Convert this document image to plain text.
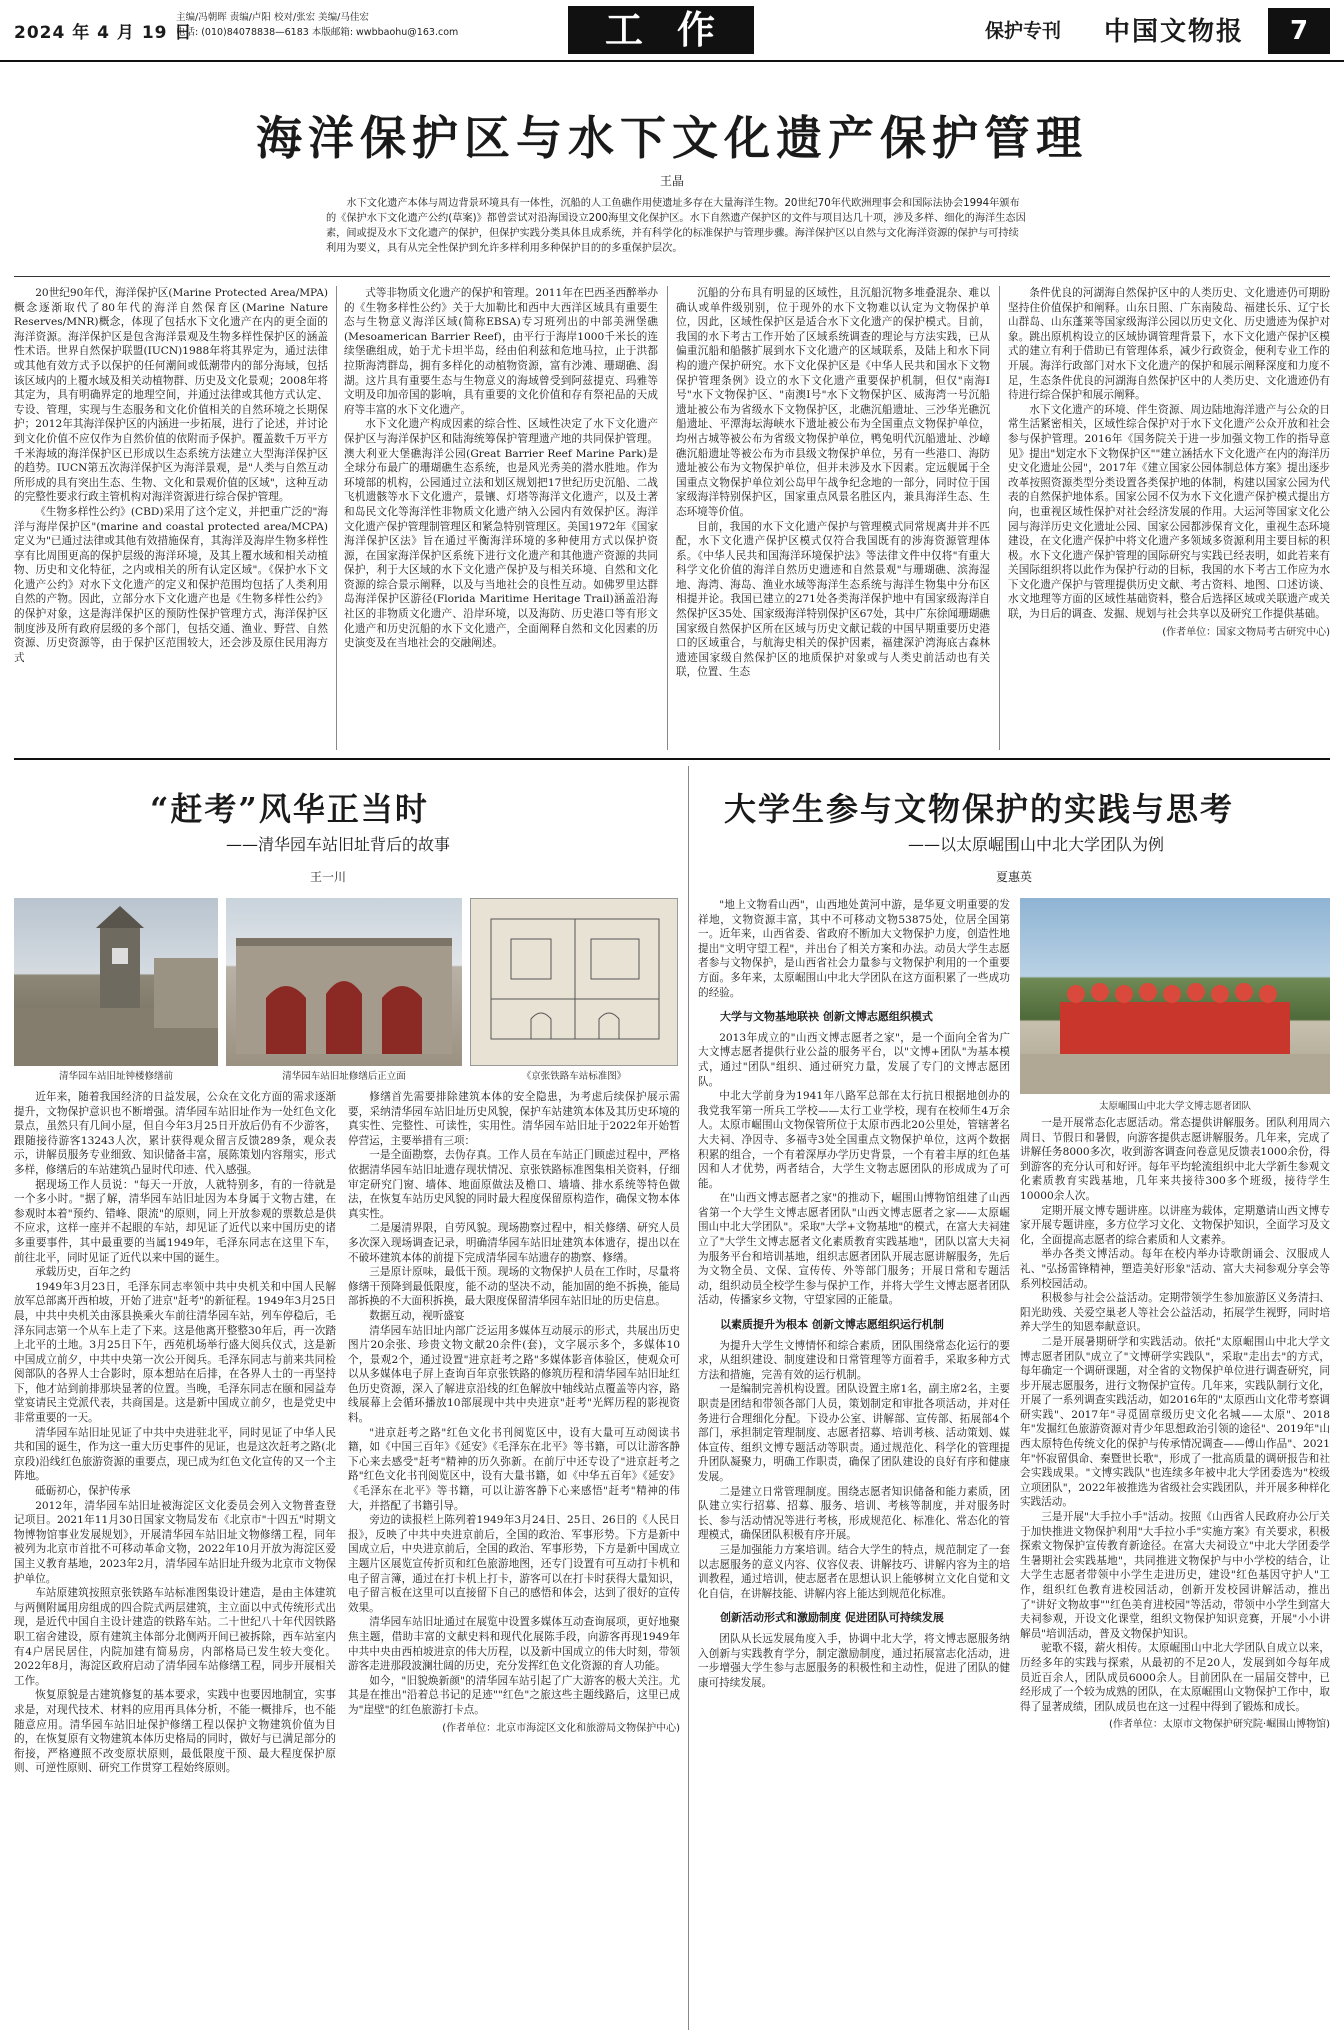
2024 年 4 月 19 日
主编/冯朝晖 责编/卢阳 校对/张宏 美编/马佳宏
电话: (010)84078838—6183 本版邮箱: wwbbaohu@163.com	工作	保护专刊 中国文物报	7
海洋保护区与水下文化遗产保护管理
王晶
水下文化遗产本体与周边背景环境具有一体性，沉船的人工鱼礁作用使遗址多存在大量海洋生物。20世纪70年代欧洲理事会和国际法协会1994年颁布的《保护水下文化遗产公约(草案)》都曾尝试对沿海国设立200海里文化保护区。水下自然遗产保护区的文件与项目达几十项，涉及多样、细化的海洋生态因素，间或提及水下文化遗产的保护，但保护实践分类具体且成系统，并有科学化的标准保护与管理步骤。海洋保护区以自然与文化海洋资源的保护与可持续利用为要义，具有从完全性保护到允许多样利用多种保护目的的多重保护层次。

20世纪90年代，海洋保护区(Marine Protected Area/MPA)概念逐渐取代了80年代的海洋自然保育区(Marine Nature Reserves/MNR)概念，体现了包括水下文化遗产在内的更全面的海洋资源。海洋保护区是包含海洋景观及生物多样性保护区的涵盖性术语。世界自然保护联盟(IUCN)1988年将其界定为，通过法律或其他有效方式予以保护的任何潮间或低潮带内的部分海域，包括该区域内的上覆水域及相关动植物群、历史及文化景观；2008年将其定为，具有明确界定的地理空间，并通过法律或其他方式认定、专设、管理，实现与生态服务和文化价值相关的自然环境之长期保护；2012年其海洋保护区的内涵进一步拓展，进行了论述，并讨论到文化价值不应仅作为自然价值的依附而予保护。覆盖数千万平方千米海域的海洋保护区已形成以生态系统方法建立大型海洋保护区的趋势。IUCN第五次海洋保护区为海洋景观，是"人类与自然互动所形成的具有突出生态、生物、文化和景观价值的区域"，这种互动的完整性要求行政主管机构对海洋资源进行综合保护管理。

《生物多样性公约》(CBD)采用了这个定义，并把重广泛的"海洋与海岸保护区"(marine and coastal protected area/MCPA)定义为"已通过法律或其他有效措施保育，其海洋及海岸生物多样性享有比周围更高的保护层级的海洋环境，及其上覆水域和相关动植物、历史和文化特征，之内或相关的所有认定区域"。《保护水下文化遗产公约》对水下文化遗产的定义和保护范围均包括了人类利用自然的产物。因此，立部分水下文化遗产也是《生物多样性公约》的保护对象，这是海洋保护区的预防性保护管理方式，海洋保护区制度涉及所有政府层级的多个部门，包括交通、渔业、野营、自然资源、历史资源等，由于保护区范围较大，还会涉及原住民用海方式

式等非物质文化遗产的保护和管理。2011年在巴西圣西醉举办的《生物多样性公约》关于大加勒比和西中大西洋区域具有重要生态与生物意义海洋区域(简称EBSA)专习班列出的中部美洲堡礁(Mesoamerican Barrier Reef)，由平行于海岸1000千米长的连续堡礁组成，始于尤卡坦半岛，经由伯利兹和危地马拉，止于洪都拉斯海湾群岛，拥有多样化的动植物资源，富有沙滩、珊瑚礁、潟湖。这片具有重要生态与生物意义的海域曾受到阿兹提克、玛雅等文明及印加帝国的影响，具有重要的文化价值和存有祭祀品的天成府等丰富的水下文化遗产。

水下文化遗产构成因素的综合性、区域性决定了水下文化遗产保护区与海洋保护区和陆海统筹保护管理遗产地的共同保护管理。澳大利亚大堡礁海洋公园(Great Barrier Reef Marine Park)是全球分布最广的珊瑚礁生态系统，也是风光秀美的潜水胜地。作为环境部的机构，公园通过立法和划区规划把17世纪历史沉船、二战飞机遗骸等水下文化遗产，景镶、灯塔等海洋文化遗产，以及土著和岛民文化等海洋性非物质文化遗产纳入公园内有效保护区。海洋文化遗产保护管理制管理区和紧急特别管理区。美国1972年《国家海洋保护区法》旨在通过平衡海洋环境的多种使用方式以保护资源，在国家海洋保护区系统下进行文化遗产和其他遗产资源的共同保护，利于大区域的水下文化遗产保护及与相关环境、自然和文化资源的综合景示阐释，以及与当地社会的良性互动。如佛罗里达群岛海洋保护区游径(Florida Maritime Heritage Trail)涵盖沿海社区的非物质文化遗产、沿岸环境，以及海防、历史港口等有形文化遗产和历史沉船的水下文化遗产，全面阐释自然和文化因素的历史演变及在当地社会的交融阐述。

沉船的分布具有明显的区域性，且沉船沉物多堆叠混杂、难以确认或单件级别别，位于现外的水下文物难以认定为文物保护单位，因此，区域性保护区是适合水下文化遗产的保护模式。目前，我国的水下考古工作开始了区域系统调查的理论与方法实践，已从偏重沉船和船骸扩展到水下文化遗产的区域联系，及陆上和水下同构的遗产保护研究。水下文化保护区是《中华人民共和国水下文物保护管理条例》设立的水下文化遗产重要保护机制，但仅"南海Ⅰ号"水下文物保护区、"南澳Ⅰ号"水下文物保护区、威海湾一号沉船遗址被公布为省级水下文物保护区，北礁沉船遗址、三沙华光礁沉船遗址、平潭海坛海峡水下遗址被公布为全国重点文物保护单位，均州古城等被公布为省级文物保护单位，鸭兔明代沉船遗址、沙嶂礁沉船遗址等被公布为市县级文物保护单位，另有一些港口、海防遗址被公布为文物保护单位，但并未涉及水下因素。定远舰属于全国重点文物保护单位刘公岛甲午战争纪念地的一部分，同时位于国家级海洋特别保护区，国家重点风景名胜区内，兼具海洋生态、生态环境等价值。

目前，我国的水下文化遗产保护与管理模式同常规离井并不匹配，水下文化遗产保护区模式仅符合我国既有的涉海资源管理体系。《中华人民共和国海洋环境保护法》等法律文件中仅将"有重大科学文化价值的海洋自然历史遗迹和自然景观"与珊瑚礁、滨海湿地、海湾、海岛、渔业水域等海洋生态系统与海洋生物集中分布区相提并论。我国已建立的271处各类海洋保护地中有国家级海洋自然保护区35处、国家级海洋特别保护区67处，其中广东徐闻珊瑚礁国家级自然保护区所在区域与历史文献记载的中国早期重要历史港口的区域重合，与航海史相关的保护因素，福建深沪湾海底古森林遗迹国家级自然保护区的地质保护对象或与人类史前活动也有关联，位置、生态

条件优良的河湖海自然保护区中的人类历史、文化遗迹仍可期盼坚持住价值保护和阐释。山东日照、广东南陵岛、福建长乐、辽宁长山群岛、山东蓬莱等国家级海洋公园以历史文化、历史遗迹为保护对象。跳出原机构设立的区域协调管理背景下，水下文化遗产保护区模式的建立有利于借助已有管理体系，减少行政资金，便利专业工作的开展。海洋行政部门对水下文化遗产的保护和展示阐释深度和力度不足，生态条件优良的河湖海自然保护区中的人类历史、文化遗迹仍有待进行综合保护和展示阐释。

水下文化遗产的环境、伴生资源、周边陆地海洋遗产与公众的日常生活紧密相关，区域性综合保护对于水下文化遗产公众开放和社会参与保护管理。2016年《国务院关于进一步加强文物工作的指导意见》提出"划定水下文物保护区""建立涵括水下文化遗产在内的海洋历史文化遗址公园"，2017年《建立国家公园体制总体方案》提出逐步改革按照资源类型分类设置各类保护地的体制，构建以国家公园为代表的自然保护地体系。国家公园不仅为水下文化遗产保护模式提出方向，也重视区域性保护对社会经济发展的作用。大运河等国家文化公园与海洋历史文化遗址公园、国家公园都涉保育文化，重视生态环境建设，在文化遗产保护中将文化遗产多领域多资源利用主要目标的积极。水下文化遗产保护管理的国际研究与实践已经表明，如此若来有关国际组织将以此作为保护行动的目标，我国的水下考古工作应为水下文化遗产保护与管理提供历史文献、考古资料、地图、口述访谈、水文地理等方面的区域性基础资料，整合后选择区域或关联遗产或关联，为日后的调查、发掘、规划与社会共享以及研究工作提供基础。

(作者单位：国家文物局考古研究中心)

“赶考”风华正当时
——清华园车站旧址背后的故事
王一川
清华园车站旧址钟楼修缮前	清华园车站旧址修缮后正立面	《京张铁路车站标准图》

近年来，随着我国经济的日益发展，公众在文化方面的需求逐渐提升，文物保护意识也不断增强。清华园车站旧址作为一处红色文化景点，虽然只有几间小屋，但自今年3月25日开放后仍有不少游客，跟随接待游客13243人次，累计获得观众留言反馈289条，观众表示，讲解员服务专业细致、知识储备丰富，展陈策划内容翔实，形式多样，修缮后的车站建筑凸显时代印迹、代入感强。

据现场工作人员说："每天一开放，人就特别多，有的一待就是一个多小时。"据了解，清华园车站旧址因为本身属于文物古建，在参观时本着"预约、错峰、限流"的原则，同上开放参观的票数总是供不应求，这样一座并不起眼的车站，却见证了近代以来中国历史的诸多重要事件，其中最重要的当属1949年，毛泽东同志在这里下车，前往北平，同时见证了近代以来中国的诞生。

承载历史，百年之约

1949年3月23日，毛泽东同志率领中共中央机关和中国人民解放军总部离开西柏坡，开始了进京"赶考"的新征程。1949年3月25日晨，中共中央机关由涿县换乘火车前往清华园车站，列车停稳后，毛泽东同志第一个从车上走了下来。这是他离开整整30年后，再一次踏上北平的土地。3月25日下午，西苑机场举行盛大阅兵仪式，这是新中国成立前夕，中共中央第一次公开阅兵。毛泽东同志与前来共同检阅部队的各界人士合影时，原本想站在后排，在各界人士的一再坚持下，他才站到前排那块显著的位置。当晚，毛泽东同志在颐和园益寿堂宴请民主党派代表，共商国是。这是新中国成立前夕，也是党史中非常重要的一天。

清华园车站旧址见证了中共中央进驻北平，同时见证了中华人民共和国的诞生，作为这一重大历史事件的见证，也是这次赶考之路(北京段)沿线红色旅游资源的重要点，现已成为红色文化宣传的又一个主阵地。

砥砺初心，保护传承

2012年，清华园车站旧址被海淀区文化委员会列入文物普查登记项目。2021年11月30日国家文物局发布《北京市"十四五"时期文物博物馆事业发展规划》，开展清华园车站旧址文物修缮工程，同年被列为北京市首批不可移动革命文物，2022年10月开放为海淀区爱国主义教育基地，2023年2月，清华园车站旧址升级为北京市文物保护单位。

车站原建筑按照京张铁路车站标准图集设计建造，是由主体建筑与两侧附属用房组成的四合院式两层建筑，主立面以中式传统形式出现，是近代中国自主设计建造的铁路车站。二十世纪八十年代因铁路职工宿舍建设，原有建筑主体部分北侧两开间已被拆除，西车站室内有4户居民居住，内院加建有简易房，内部格局已发生较大变化。2022年8月，海淀区政府启动了清华园车站修缮工程，同步开展相关工作。

恢复原貌是古建筑修复的基本要求，实践中也要因地制宜，实事求是，对现代技术、材料的应用再具体分析，不能一概排斥，也不能随意应用。清华园车站旧址保护修缮工程以保护文物建筑价值为目的，在恢复原有文物建筑本体历史格局的同时，做好与已满足部分的衔接，严格遵照不改变原状原则，最低限度干预、最大程度保护原则、可逆性原则、研究工作贯穿工程始终原则。

修缮首先需要排除建筑本体的安全隐患，为考虑后续保护展示需要，采纳清华园车站旧址历史风貌，保护车站建筑本体及其历史环境的真实性、完整性、可读性，实用性。清华园车站旧址于2022年开始暂停营运，主要举措有三项：

一是全面勘察，去伪存真。工作人员在车站正门顾虑过程中，严格依据清华园车站旧址遗存现状情况、京张铁路标准图集相关资料，仔细审定研究门窗、墙体、地面原做法及檐口、墙墙、排水系统等特色做法，在恢复车站历史风貌的同时最大程度保留原构造作，确保文物本体真实性。

二是屡清界限，自劳风貌。现场勘察过程中，相关修缮、研究人员多次深入现场调查记录，明确清华园车站旧址建筑本体遗存，提出以在不破坏建筑本体的前提下完成清华园车站遗存的勘察、修缮。

三是原计原味，最低干预。现场的文物保护人员在工作时，尽量将修缮干预降到最低限度，能不动的坚决不动，能加固的绝不拆换，能局部拆换的不大面积拆换，最大限度保留清华园车站旧址的历史信息。

数据互动，视听盛宴

清华园车站旧址内部广泛运用多媒体互动展示的形式，共展出历史图片20余张、珍贵文物文献20余件(套)，文字展示多个，多媒体10个，景观2个，通过设置"进京赶考之路"多媒体影音体验区，使观众可以从多媒体电子屏上查询百年京张铁路的修筑历程和清华园车站旧址红色历史资源，深入了解进京沿线的红色解放中轴线站点覆盖等内容，路线展幕上会循环播放10部展现中共中央进京"赶考"光辉历程的影视资料。

"进京赶考之路"红色文化书刊阅览区中，设有大量可互动阅读书籍，如《中国三百年》《延安》《毛泽东在北平》等书籍，可以让游客静下心来去感受"赶考"精神的历久弥新。在前厅中还专设了"进京赶考之路"红色文化书刊阅览区中，设有大量书籍，如《中华五百年》《延安》《毛泽东在北平》等书籍，可以让游客静下心来感悟"赶考"精神的伟大，并搭配了书籍引导。

旁边的读报栏上陈列着1949年3月24日、25日、26日的《人民日报》，反映了中共中央进京前后，全国的政治、军事形势。下方是新中国成立后，中央进京前后，全国的政治、军事形势，下方是新中国成立主题片区展览宣传折页和红色旅游地图，还专门设置有可互动打卡机和电子留言簿，通过在打卡机上打卡，游客可以在打卡时获得大量知识，电子留言板在这里可以直接留下自己的感悟和体会，达到了很好的宣传效果。

清华园车站旧址通过在展览中设置多媒体互动查询展项，更好地聚焦主题，借助丰富的文献史料和现代化展陈手段，向游客再现1949年中共中央由西柏坡进京的伟大历程，以及新中国成立的伟大时刻，带领游客走进那段波澜壮阔的历史，充分发挥红色文化资源的育人功能。

如今，"旧貌焕新颜"的清华园车站引起了广大游客的极大关注。尤其是在推出"沿着总书记的足迹""红色"之旅这些主题线路后，这里已成为"崖壁"的红色旅游打卡点。

(作者单位：北京市海淀区文化和旅游局文物保护中心)

大学生参与文物保护的实践与思考
——以太原崛围山中北大学团队为例
夏惠英

"地上文物看山西"，山西地处黄河中游，是华夏文明重要的发祥地，文物资源丰富，其中不可移动文物53875处，位居全国第一。近年来，山西省委、省政府不断加大文物保护力度，创造性地提出"文明守望工程"，并出台了相关方案和办法。动员大学生志愿者参与文物保护，是山西省社会力量参与文物保护利用的一个重要方面。多年来，太原崛围山中北大学团队在这方面积累了一些成功的经验。

大学与文物基地联袂 创新文博志愿组织模式

2013年成立的"山西文博志愿者之家"，是一个面向全省为广大文博志愿者提供行业公益的服务平台，以"文博+团队"为基本模式，通过"团队"组织、通过研究力量，发展了专门的文博志愿团队。

中北大学前身为1941年八路军总部在太行抗日根据地创办的我党我军第一所兵工学校——太行工业学校，现有在校师生4万余人。太原市崛围山文物保管所位于太原市西北20公里处，管辖著名大夫祠、净因寺、多福寺3处全国重点文物保护单位，这两个数据积累的组合，一个有着深厚办学历史背景，一个有着丰厚的红色基因和人才优势，两者结合，大学生文物志愿团队的形成成为了可能。

在"山西文博志愿者之家"的推动下，崛围山博物馆组建了山西省第一个大学生文博志愿者团队"山西文博志愿者之家——太原崛围山中北大学团队"。采取"大学+文物基地"的模式，在富大夫祠建立了"大学生文博志愿者文化素质教育实践基地"，团队以富大夫祠为服务平台和培训基地，组织志愿者团队开展志愿讲解服务，先后为文物全员、文保、宣传传、外等部门服务；开展日常和专题活动，组织动员全校学生参与保护工作，并将大学生文博志愿者团队活动，传播家乡文物，守望家园的正能量。

以素质提升为根本 创新文博志愿组织运行机制

为提升大学生文博情怀和综合素质，团队围绕常态化运行的要求，从组织建设、制度建设和日常管理等方面着手，采取多种方式方法和措施，完善有效的运行机制。

一是编制完善机构设置。团队设置主席1名，副主席2名，主要职责是团结和带领各部门人员，策划制定和审批各项活动，并对任务进行合理细化分配。下设办公室、讲解部、宣传部、拓展部4个部门，承担制定管理制度、志愿者招募、培训考核、活动策划、媒体宣传、组织文博专题活动等职责。通过规范化、科学化的管理提升团队凝聚力，明确工作职责，确保了团队建设的良好有序和健康发展。

二是建立日常管理制度。围绕志愿者知识储备和能力素质，团队建立实行招募、招募、服务、培训、考核等制度，并对服务时长、参与活动情况等进行考核，形成规范化、标准化、常态化的管理模式，确保团队积极有序开展。

三是加强能力方案培训。结合大学生的特点，规范制定了一套以志愿服务的意义内容、仪容仪表、讲解技巧、讲解内容为主的培训教程，通过培训，使志愿者在思想认识上能够树立文化自觉和文化自信，在讲解技能、讲解内容上能达到规范化标准。

创新活动形式和激励制度 促进团队可持续发展

团队从长远发展角度入手，协调中北大学，将文博志愿服务纳入创新与实践教育学分，制定激励制度，通过拓展富志化活动，进一步增强大学生参与志愿服务的积极性和主动性，促进了团队的健康可持续发展。

太原崛围山中北大学文博志愿者团队

一是开展常态化志愿活动。常态提供讲解服务。团队利用周六周日、节假日和暑假，向游客提供志愿讲解服务。几年来，完成了讲解任务8000多次，收到游客调查问卷意见反馈表1000余份，得到游客的充分认可和好评。每年平均轮流组织中北大学新生参观文化素质教育实践基地，几年来共接待300多个班级，接待学生10000余人次。

定期开展文博专题讲座。以讲座为载体，定期邀请山西文博专家开展专题讲座，多方位学习文化、文物保护知识，全面学习及文化，全面提高志愿者的综合素质和人文素养。

举办各类文博活动。每年在校内举办诗歌朗诵会、汉服成人礼、"弘扬雷锋精神，塑造美好形象"活动、富大夫祠参观分享会等系列校园活动。

积极参与社会公益活动。定期带领学生参加旅游区义务清扫、阳光助残、关爱空巢老人等社会公益活动，拓展学生视野，同时培养大学生的知恩奉献意识。

二是开展暑期研学和实践活动。依托"太原崛围山中北大学文博志愿者团队"成立了"文博研学实践队"，采取"走出去"的方式，每年确定一个调研课题，对全省的文物保护单位进行调查研究，同步开展志愿服务，进行文物保护宣传。几年来，实践队制行文化，开展了一系列调查实践活动，如2016年的"太原西山文化带考察调研实践"、2017年"寻觅固章级历史文化名城——太原"、2018年"发掘红色旅游资源对青少年思想政治引领的途径"、2019年"山西太原特色传统文化的保护与传承情况调查——傅山作品"、2021年"怀寂留俱命、秦暨世长歌"，形成了一批高质量的调研报告和社会实践成果。"文博实践队"也连续多年被中北大学团委选为"校级立项团队"，2022年被推选为省级社会实践团队，并开展多种样化实践活动。

三是开展"大手拉小手"活动。按照《山西省人民政府办公厅关于加快推进文物保护利用"大手拉小手"实施方案》有关要求，积极探索文物保护宣传教育新途径。在富大夫祠设立"中北大学团委学生暑期社会实践基地"，共同推进文物保护与中小学校的结合，让大学生志愿者带领中小学生走进历史，建设"红色基因守护人"工作，组织红色教育进校园活动，创新开发校园讲解活动，推出了"讲好文物故事""红色美育进校园"等活动，带领中小学生到富大夫祠参观，开设文化课堂，组织文物保护知识竞赛，开展"小小讲解员"培训活动，普及文物保护知识。

驼歌不辍，薪火相传。太原崛围山中北大学团队自成立以来，历经多年的实践与探索，从最初的不足20人，发展到如今每年成员近百余人，团队成员6000余人。目前团队在一届届交替中，已经形成了一个较为成熟的团队，在太原崛围山文物保护工作中，取得了显著成绩，团队成员也在这一过程中得到了锻炼和成长。

(作者单位：太原市文物保护研究院·崛围山博物馆)
